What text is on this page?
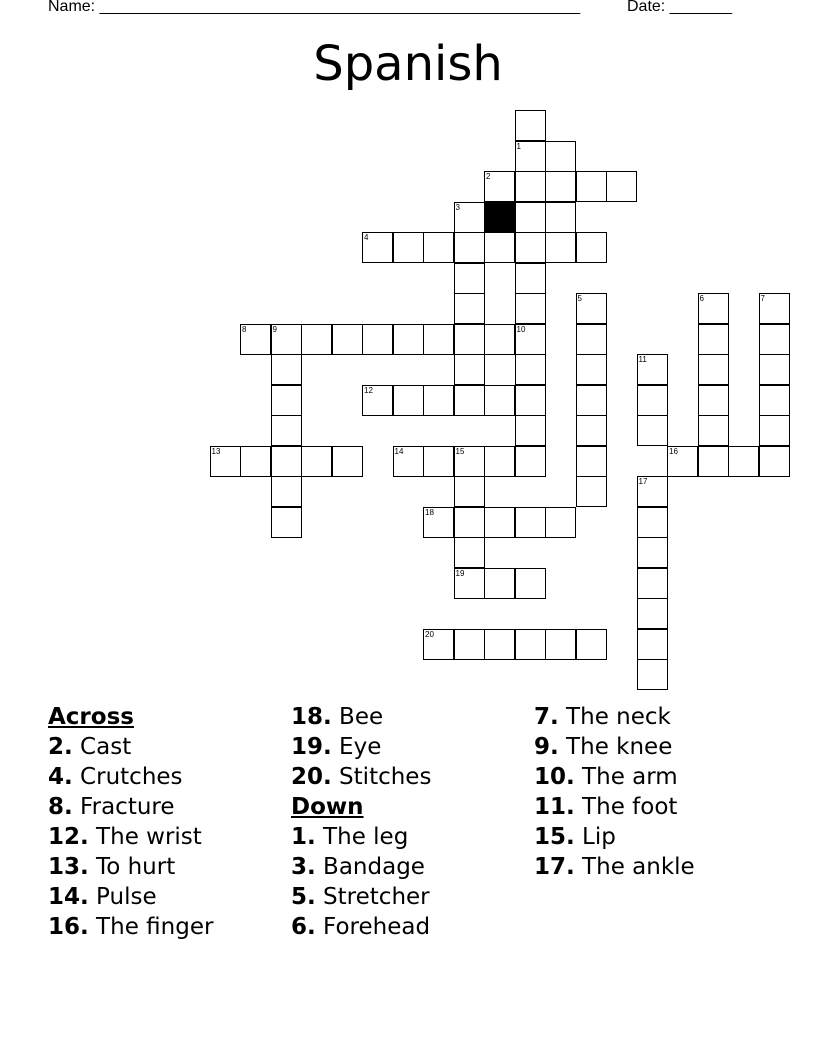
Name: ______________________________________________________	Date: _______
Spanish
1
2
3
4
5	6	7
8	9	10
11
12
13	14	15	16
19
17
18
20
Across
2. Cast
4. Crutches
8. Fracture
12. The wrist
13. To hurt
14. Pulse
16. The finger
18. Bee
19. Eye
20. Stitches
Down
1. The leg
3. Bandage
5. Stretcher
6. Forehead
7. The neck
9. The knee
10. The arm
11. The foot
15. Lip
17. The ankle
